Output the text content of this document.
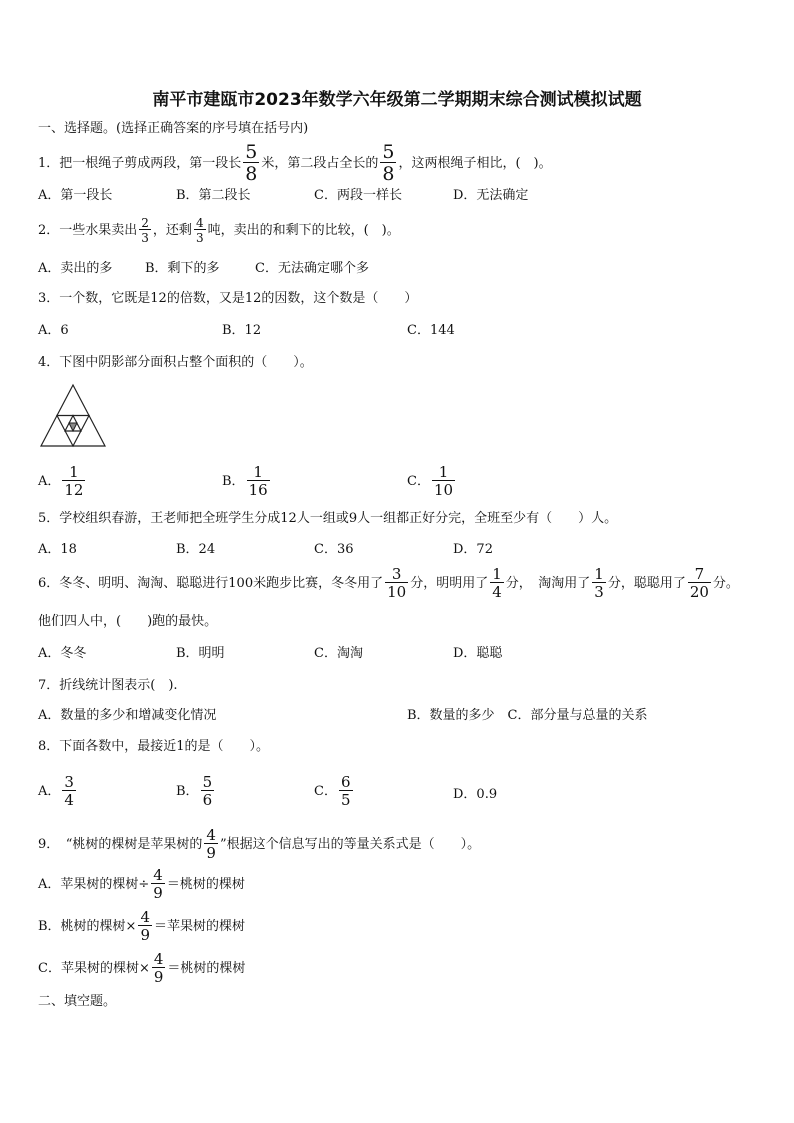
南平市建瓯市2023年数学六年级第二学期期末综合测试模拟试题
一、选择题。(选择正确答案的序号填在括号内)
1．把一根绳子剪成两段，第一段长 $\frac{5}{8}$ 米，第二段占全长的 $\frac{5}{8}$ ，这两根绳子相比，(　)。
A．第一段长	B．第二段长	C．两段一样长	D．无法确定
2．一些水果卖出 $\frac{2}{3}$ ，还剩 $\frac{4}{3}$ 吨，卖出的和剩下的比较，(　)。
A．卖出的多	B．剩下的多	C．无法确定哪个多
3．一个数，它既是12的倍数，又是12的因数，这个数是（　　）
A．6	B．12	C．144
4．下图中阴影部分面积占整个面积的（　　）。
A． $\frac{1}{12}$	B． $\frac{1}{16}$	C． $\frac{1}{10}$
5．学校组织春游，王老师把全班学生分成12人一组或9人一组都正好分完，全班至少有（　　）人。
A．18	B．24	C．36	D．72
6．冬冬、明明、淘淘、聪聪进行100米跑步比赛，冬冬用了 $\frac{3}{10}$ 分，明明用了 $\frac{1}{4}$ 分，　淘淘用了 $\frac{1}{3}$ 分，聪聪用了 $\frac{7}{20}$ 分。
他们四人中，(　　)跑的最快。
A．冬冬	B．明明	C．淘淘	D．聪聪
7．折线统计图表示(　).
A．数量的多少和增减变化情况	B．数量的多少　C．部分量与总量的关系
8．下面各数中，最接近1的是（　　）。
A． $\frac{3}{4}$	B． $\frac{5}{6}$	C． $\frac{6}{5}$	D．0.9
9．　“桃树的棵树是苹果树的 $\frac{4}{9}$ ”根据这个信息写出的等量关系式是（　　）。
A．苹果树的棵树÷ $\frac{4}{9}$ ＝桃树的棵树
B．桃树的棵树× $\frac{4}{9}$ ＝苹果树的棵树
C．苹果树的棵树× $\frac{4}{9}$ ＝桃树的棵树
二、填空题。
